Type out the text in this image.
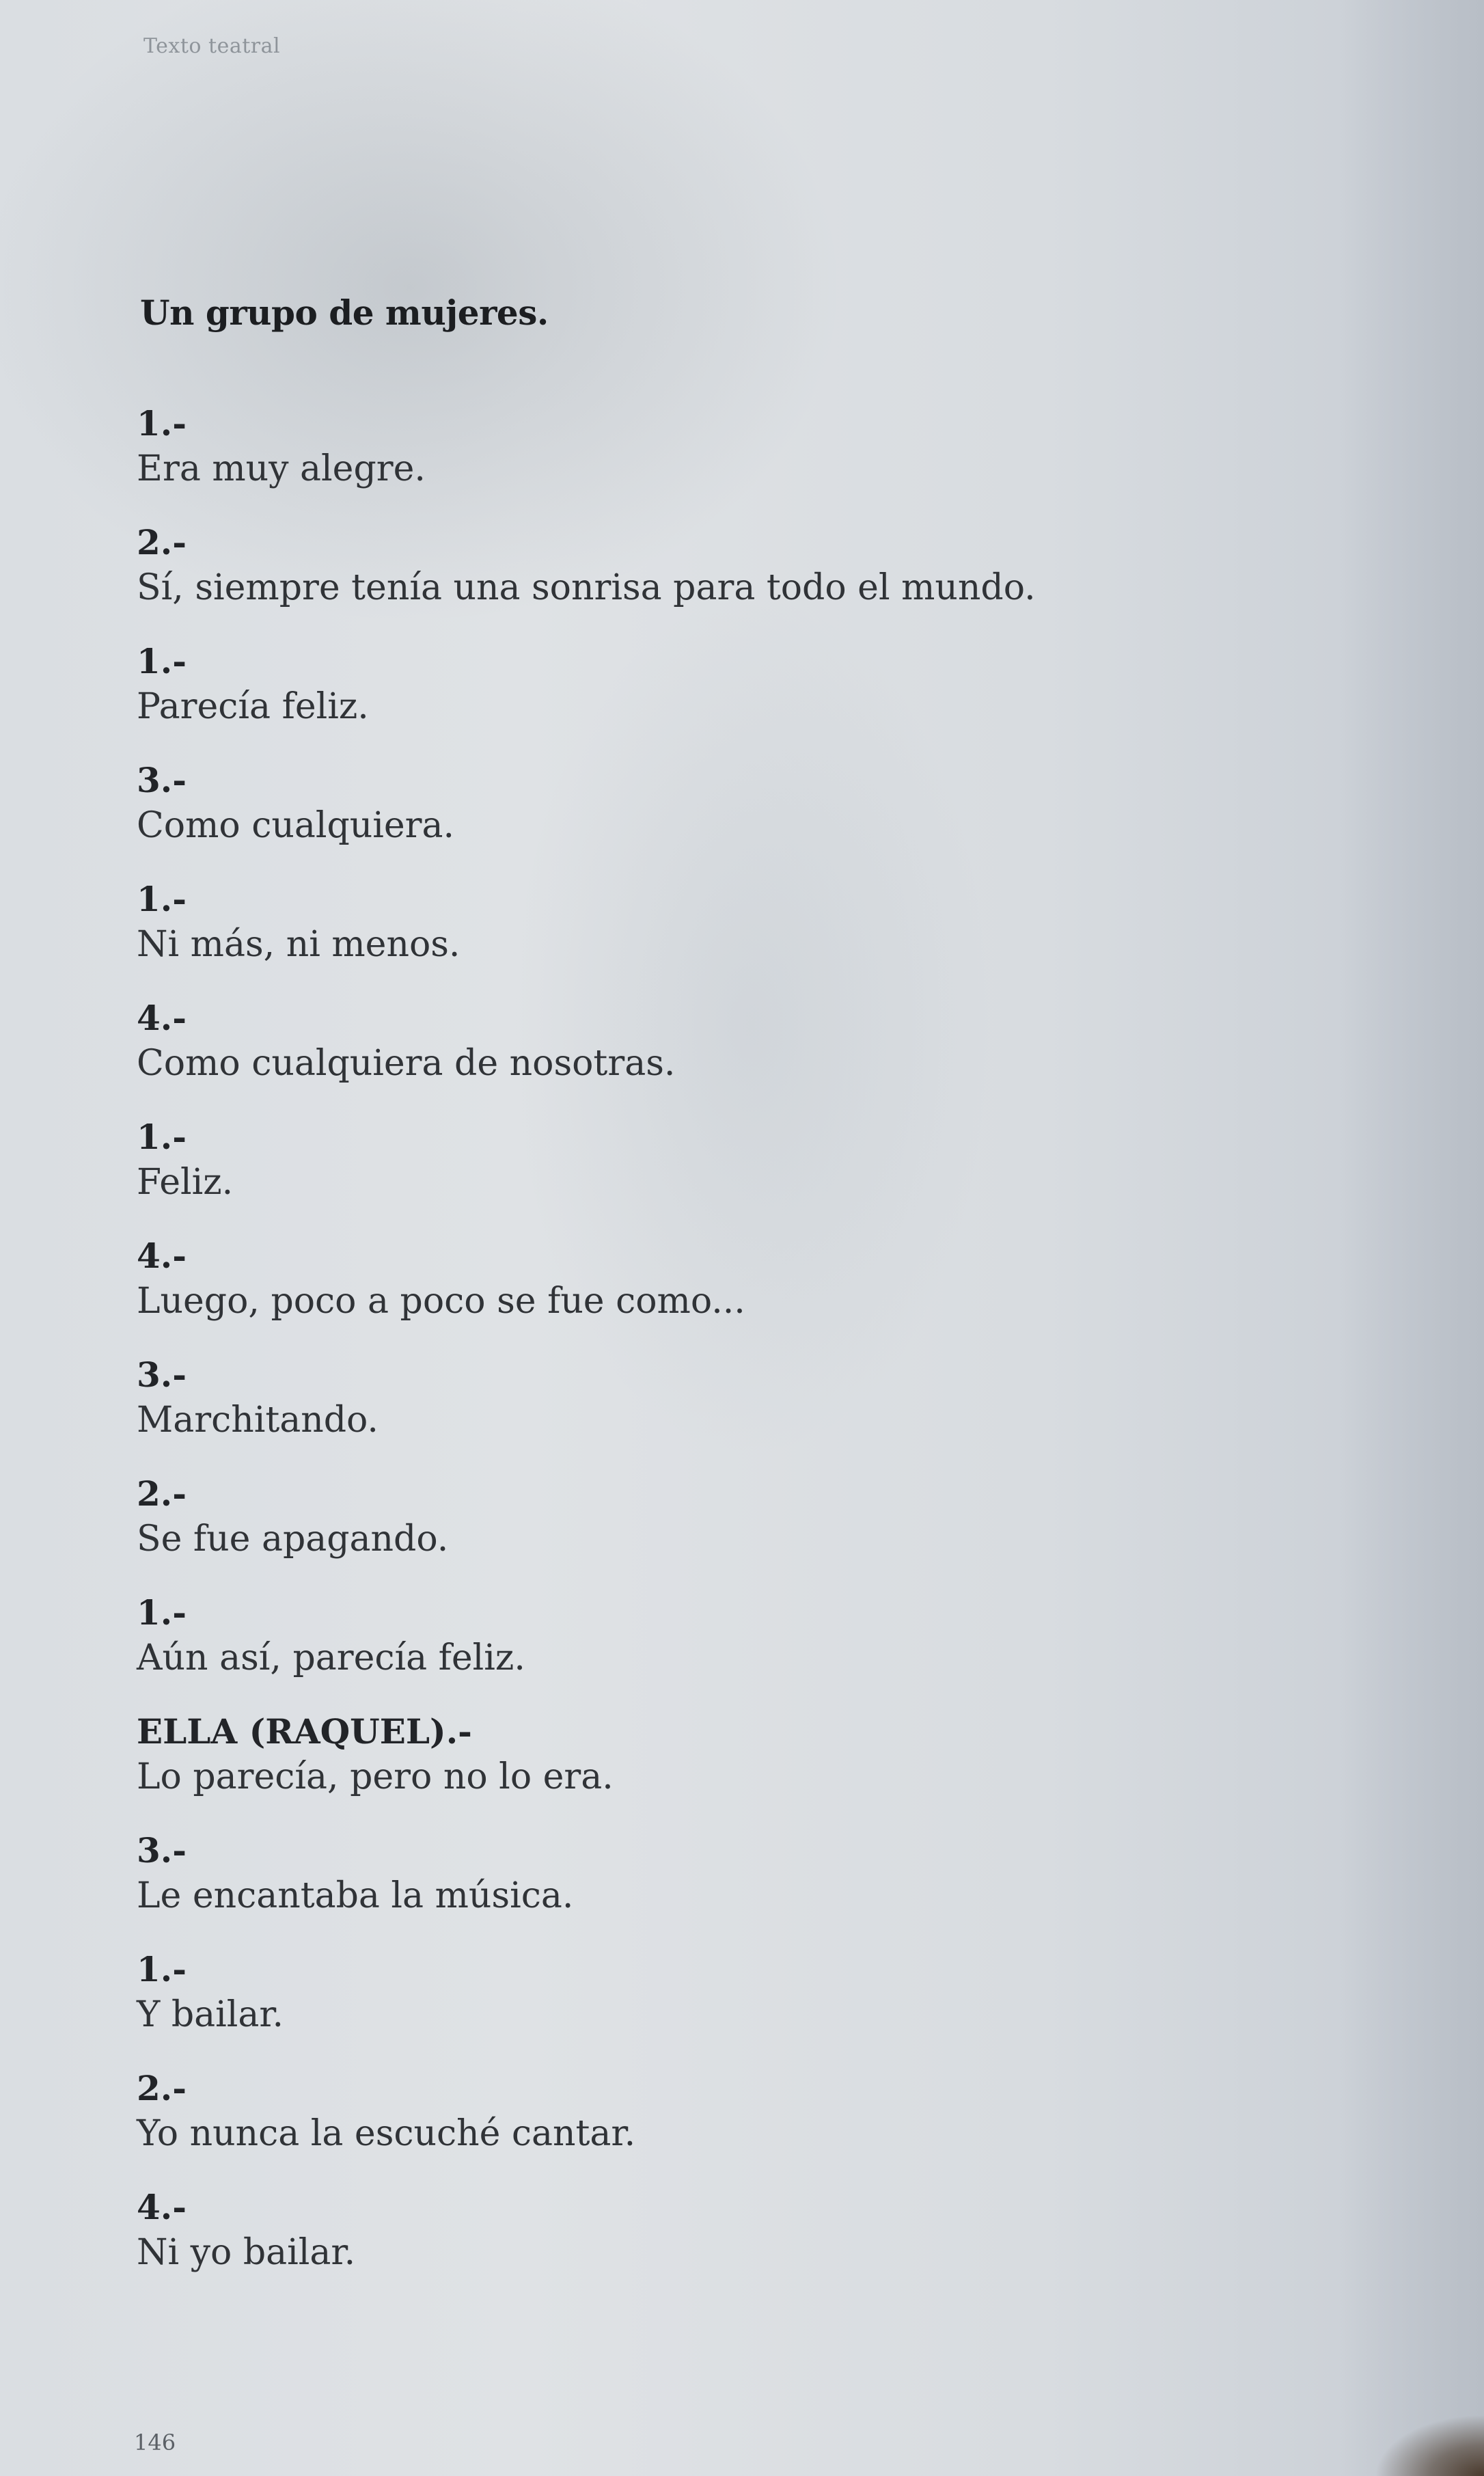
Texto teatral
Un grupo de mujeres.
1.-
Era muy alegre.
2.-
Sí, siempre tenía una sonrisa para todo el mundo.
1.-
Parecía feliz.
3.-
Como cualquiera.
1.-
Ni más, ni menos.
4.-
Como cualquiera de nosotras.
1.-
Feliz.
4.-
Luego, poco a poco se fue como...
3.-
Marchitando.
2.-
Se fue apagando.
1.-
Aún así, parecía feliz.
ELLA (RAQUEL).-
Lo parecía, pero no lo era.
3.-
Le encantaba la música.
1.-
Y bailar.
2.-
Yo nunca la escuché cantar.
4.-
Ni yo bailar.
146
